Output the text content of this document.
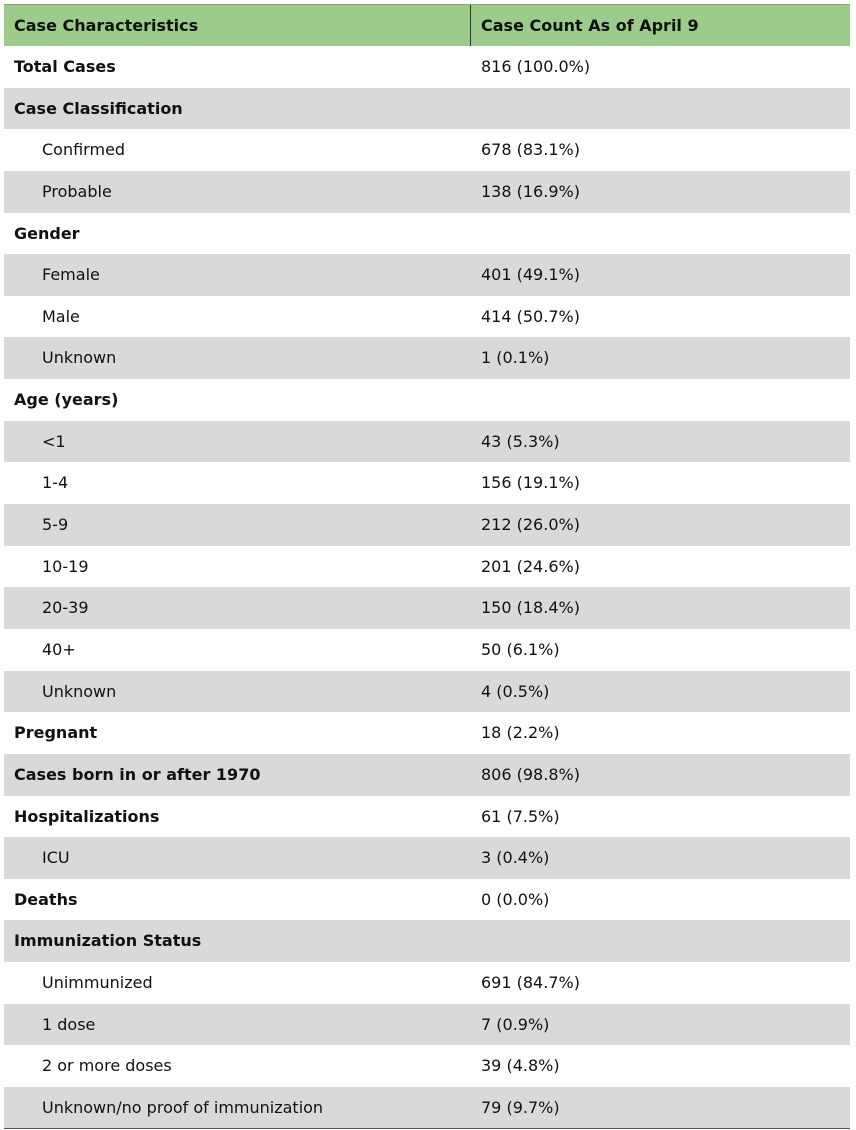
Case Characteristics	Case Count As of April 9
Total Cases	816 (100.0%)
Case Classification
Confirmed	678 (83.1%)
Probable	138 (16.9%)
Gender
Female	401 (49.1%)
Male	414 (50.7%)
Unknown	1 (0.1%)
Age (years)
<1	43 (5.3%)
1-4	156 (19.1%)
5-9	212 (26.0%)
10-19	201 (24.6%)
20-39	150 (18.4%)
40+	50 (6.1%)
Unknown	4 (0.5%)
Pregnant	18 (2.2%)
Cases born in or after 1970	806 (98.8%)
Hospitalizations	61 (7.5%)
ICU	3 (0.4%)
Deaths	0 (0.0%)
Immunization Status
Unimmunized	691 (84.7%)
1 dose	7 (0.9%)
2 or more doses	39 (4.8%)
Unknown/no proof of immunization	79 (9.7%)
